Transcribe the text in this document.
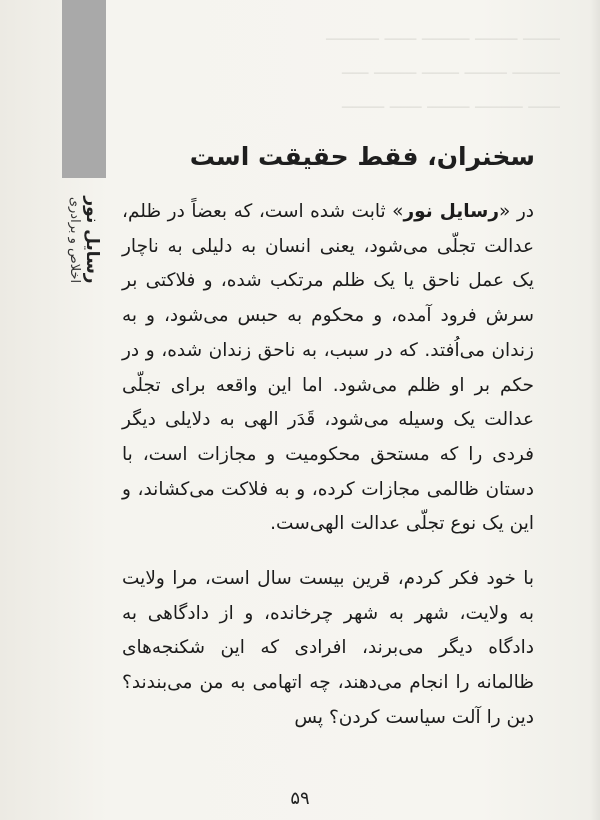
ـــــــ ــــــــ ـــــــــ ــــــ ــــــــــ
ـــــــــ ــــــــ ـــــــ ــــــــ ـــــ
ــــــ ـــــــــ ــــــــ ــــــ ــــــــ
رسایل نور
اخلاص و برادری
سخنران، فقط حقیقت است

در «رسایل نور» ثابت شده است، که بعضاً در ظلم، عدالت تجلّی می‌شود، یعنی انسان به دلیلی به ناچار یک عمل ناحق یا یک ظلم مرتکب شده، و فلاکتی بر سرش فرود آمده، و محکوم به حبس می‌شود، و به زندان می‌اُفتد. که در سبب، به ناحق زندان شده، و در حکم بر او ظلم می‌شود. اما این واقعه برای تجلّی عدالت یک وسیله می‌شود، قَدَر الهی به دلایلی دیگر فردی را که مستحق محکومیت و مجازات است، با دستان ظالمی مجازات کرده، و به فلاکت می‌کشاند، و این یک نوع تجلّی عدالت الهی‌ست.

با خود فکر کردم، قرین بیست سال است، مرا ولایت به ولایت، شهر به شهر چرخانده، و از دادگاهی به دادگاه دیگر می‌برند، افرادی که این شکنجه‌های ظالمانه را انجام می‌دهند، چه اتهامی به من می‌بندند؟ دین را آلت سیاست کردن؟ پس

۵۹
